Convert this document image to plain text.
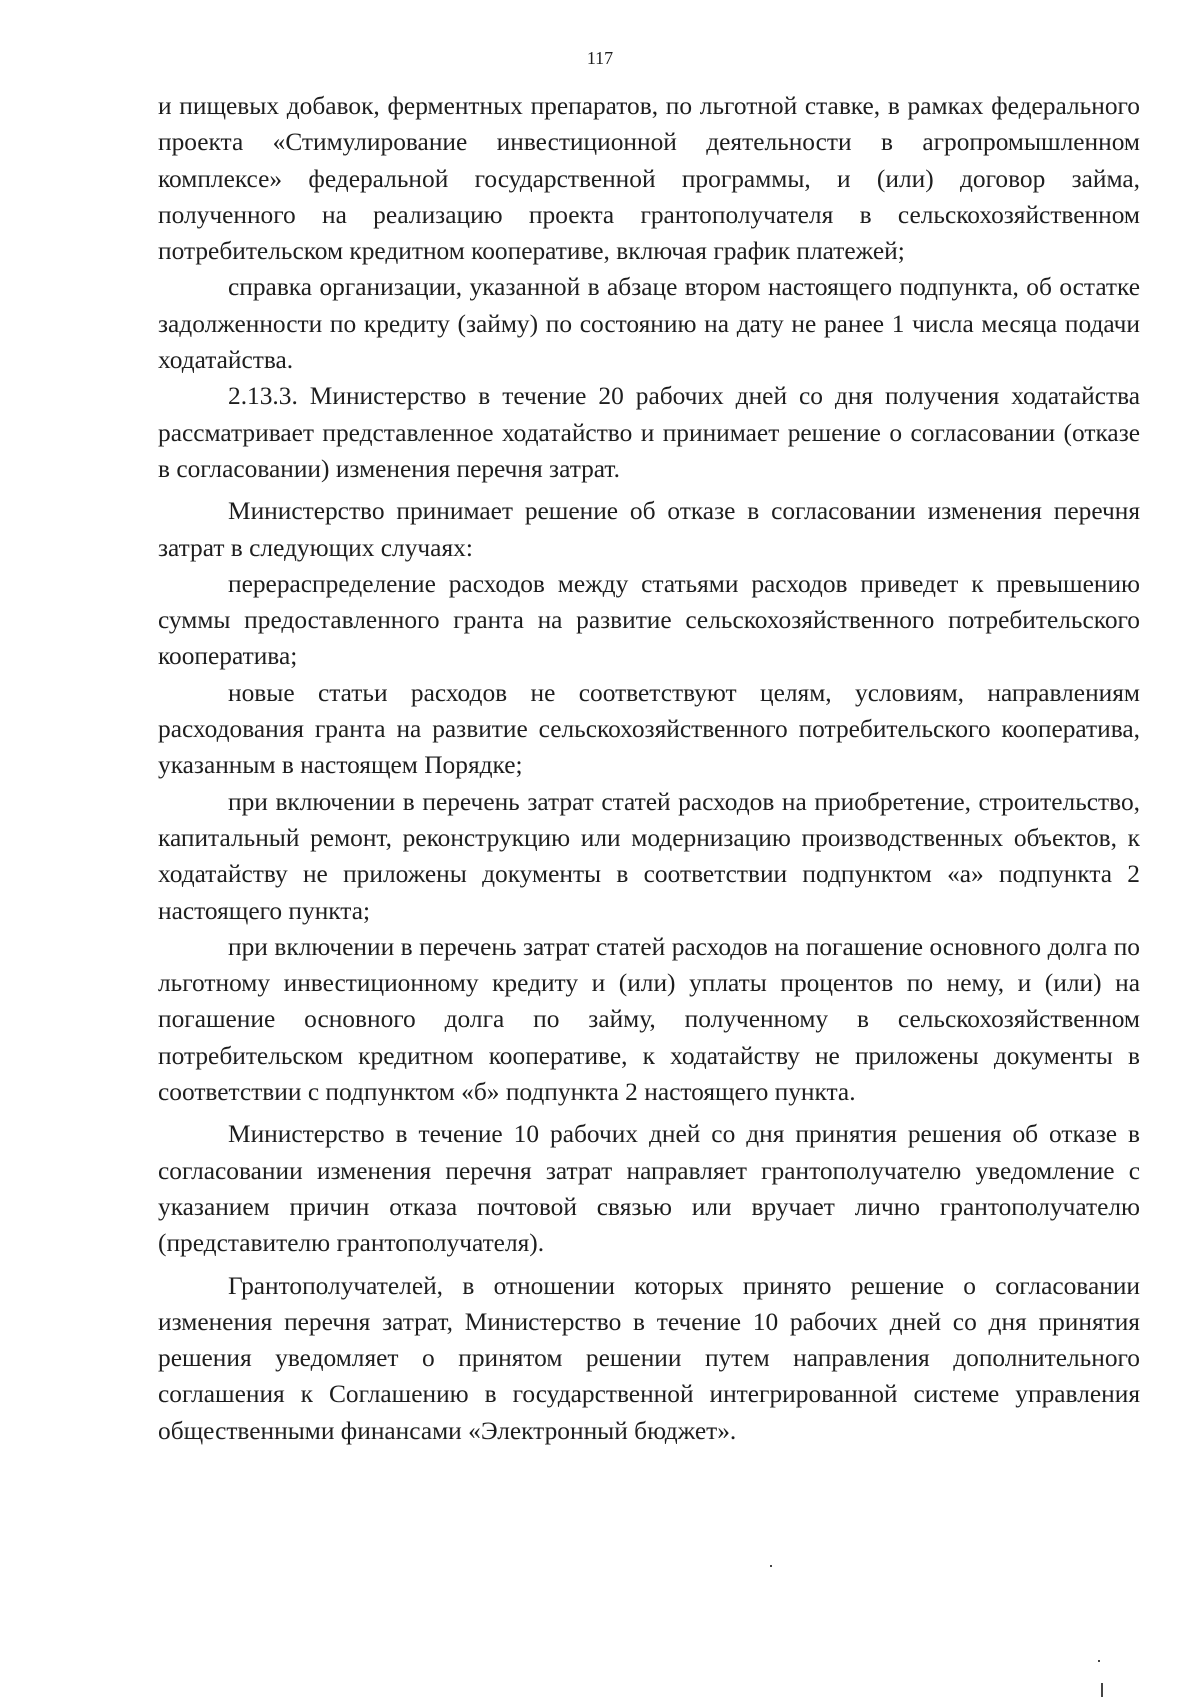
117

и пищевых добавок, ферментных препаратов, по льготной ставке, в рамках федерального проекта «Стимулирование инвестиционной деятельности в агропромышленном комплексе» федеральной государственной программы, и (или) договор займа, полученного на реализацию проекта грантополучателя в сельскохозяйственном потребительском кредитном кооперативе, включая график платежей;

справка организации, указанной в абзаце втором настоящего подпункта, об остатке задолженности по кредиту (займу) по состоянию на дату не ранее 1 числа месяца подачи ходатайства.

2.13.3. Министерство в течение 20 рабочих дней со дня получения ходатайства рассматривает представленное ходатайство и принимает решение о согласовании (отказе в согласовании) изменения перечня затрат.

Министерство принимает решение об отказе в согласовании изменения перечня затрат в следующих случаях:

перераспределение расходов между статьями расходов приведет к превышению суммы предоставленного гранта на развитие сельскохозяйственного потребительского кооператива;

новые статьи расходов не соответствуют целям, условиям, направлениям расходования гранта на развитие сельскохозяйственного потребительского кооператива, указанным в настоящем Порядке;

при включении в перечень затрат статей расходов на приобретение, строительство, капитальный ремонт, реконструкцию или модернизацию производственных объектов, к ходатайству не приложены документы в соответствии подпунктом «а» подпункта 2 настоящего пункта;

при включении в перечень затрат статей расходов на погашение основного долга по льготному инвестиционному кредиту и (или) уплаты процентов по нему, и (или) на погашение основного долга по займу, полученному в сельскохозяйственном потребительском кредитном кооперативе, к ходатайству не приложены документы в соответствии с подпунктом «б» подпункта 2 настоящего пункта.

Министерство в течение 10 рабочих дней со дня принятия решения об отказе в согласовании изменения перечня затрат направляет грантополучателю уведомление с указанием причин отказа почтовой связью или вручает лично грантополучателю (представителю грантополучателя).

Грантополучателей, в отношении которых принято решение о согласовании изменения перечня затрат, Министерство в течение 10 рабочих дней со дня принятия решения уведомляет о принятом решении путем направления дополнительного соглашения к Соглашению в государственной интегрированной системе управления общественными финансами «Электронный бюджет».
